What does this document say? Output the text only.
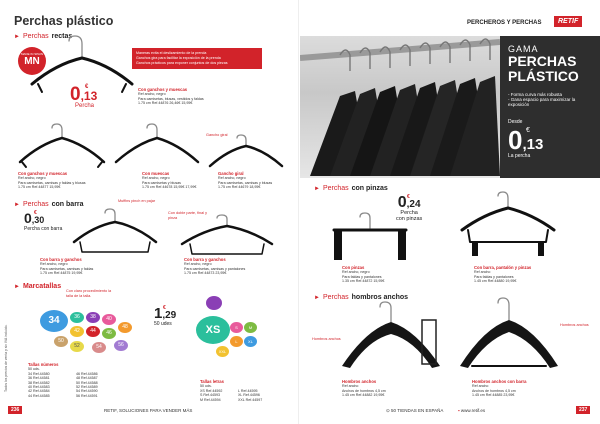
Perchas plástico
► Perchas rectas
MADE IN SPAIN
MN
Maneras evita el deslizamiento de la prenda
Ganchos gira para facilitar la exposición de la prenda
Ganchos prácticos para exponer conjuntos de dos piezas
€
0,13
Percha
Con ganchos y muescas
Ref ancho, negro
Para camisetas, blusas, vestidos y faldas
1.75 cm Ref.44876 26,46€ 15,95€
Gancho giral
Con ganchos y muescas
Ref ancho, negro
Para camisetas, camisas y faldas y blusas
1.75 cm Ref.44877 15,95€
Con muescas
Ref ancho, negro
Para camisetas y blusas
1.75 cm Ref.44678 15,95€ 17,99€
Gancho giral
Ref ancho, negro
Para camisetas, camisas y blusas
1.75 cm Ref.44679 18,95€
► Perchas con barra
€
0,30
Percha con barra
Muffins pinch en pajar
Con doble parte, final y pinza
Con barra y ganchos
Ref ancho, negro
Para camisetas, camisas y faldas
1.75 cm Ref.44875 19,95€
Con barra y ganchos
Ref ancho, negro
Para camisetas, camisas y pantalones
1.75 cm Ref.44873 23,95€
► Marcatallas
Con claro procedimiento la talla de la talla.
34	36	38	40
42	44	46
48
50
52	54	56
€
1,29
50 udes	XS	S	M
L	XL
XXL
Tallas números
50 uds.
34 Ref.44580	46 Ref.44586
36 Ref.44581	48 Ref.44587
38 Ref.44582	50 Ref.44588
40 Ref.44583	52 Ref.44589
42 Ref.44584	54 Ref.44590
44 Ref.44585	56 Ref.44591
Tallas letras
50 uds.
XS Ref.44592	L Ref.44595
S Ref.44593	XL Ref.44596
M Ref.44594	XXL Ref.44597
Todos los precios de venta y sin IVA incluido.
236	RETIF, SOLUCIONES PARA VENDER MÁS
PERCHEROS Y PERCHAS	RETIF
GAMA
PERCHAS
PLÁSTICO
- Forma curva más robusta
- Gana espacio para maximizar la exposición
Desde
0,13
€
La percha
► Perchas con pinzas
0,24
€
Percha
con pinzas
Con pinzas
Ref ancho, negro
Para faldas y pantalones
1.35 cm Ref.44872 15,95€
Con barra, pantalón y pinzas
Ref ancho
Para faldas y pantalones
1.45 cm Ref.44880 19,95€
► Perchas hombros anchos
Hombros anchos
Hombros anchos
Hombros anchos
Ref ancho
Anchos de hombros 4,5 cm
1.45 cm Ref.44882 19,95€
Hombros anchos con barra
Ref ancho
Anchos de hombros 4,5 cm
1.45 cm Ref.44885 23,95€
⊙ 50 TIENDAS EN ESPAÑA	▪ www.retif.es	237
